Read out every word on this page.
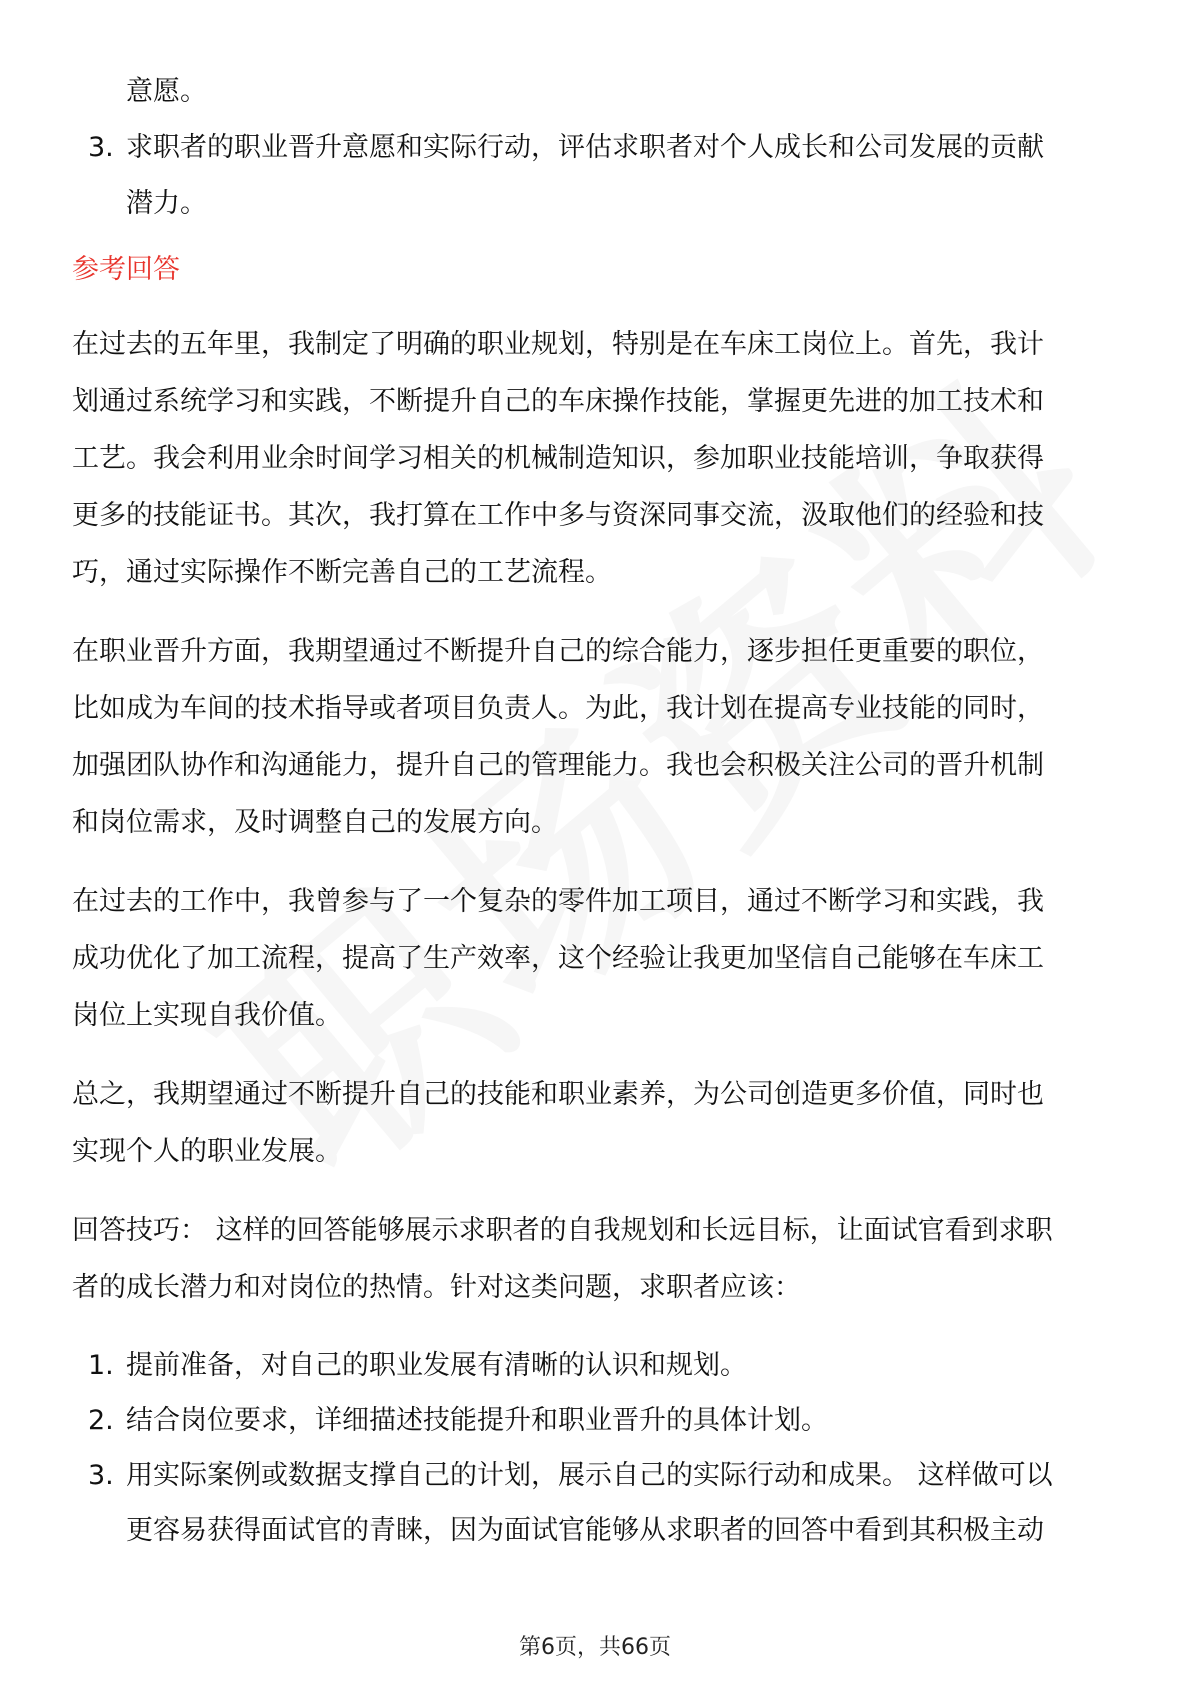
意愿。
3. 求职者的职业晋升意愿和实际行动，评估求职者对个人成长和公司发展的贡献
潜力。
参考回答

在过去的五年里，我制定了明确的职业规划，特别是在车床工岗位上。首先，我计
划通过系统学习和实践，不断提升自己的车床操作技能，掌握更先进的加工技术和
工艺。我会利用业余时间学习相关的机械制造知识，参加职业技能培训，争取获得
更多的技能证书。其次，我打算在工作中多与资深同事交流，汲取他们的经验和技
巧，通过实际操作不断完善自己的工艺流程。

在职业晋升方面，我期望通过不断提升自己的综合能力，逐步担任更重要的职位，
比如成为车间的技术指导或者项目负责人。为此，我计划在提高专业技能的同时，
加强团队协作和沟通能力，提升自己的管理能力。我也会积极关注公司的晋升机制
和岗位需求，及时调整自己的发展方向。

在过去的工作中，我曾参与了一个复杂的零件加工项目，通过不断学习和实践，我
成功优化了加工流程，提高了生产效率，这个经验让我更加坚信自己能够在车床工
岗位上实现自我价值。

总之，我期望通过不断提升自己的技能和职业素养，为公司创造更多价值，同时也
实现个人的职业发展。

回答技巧： 这样的回答能够展示求职者的自我规划和长远目标，让面试官看到求职
者的成长潜力和对岗位的热情。针对这类问题，求职者应该：

1. 提前准备，对自己的职业发展有清晰的认识和规划。
2. 结合岗位要求，详细描述技能提升和职业晋升的具体计划。
3. 用实际案例或数据支撑自己的计划，展示自己的实际行动和成果。 这样做可以
更容易获得面试官的青睐，因为面试官能够从求职者的回答中看到其积极主动
第6页，共66页
